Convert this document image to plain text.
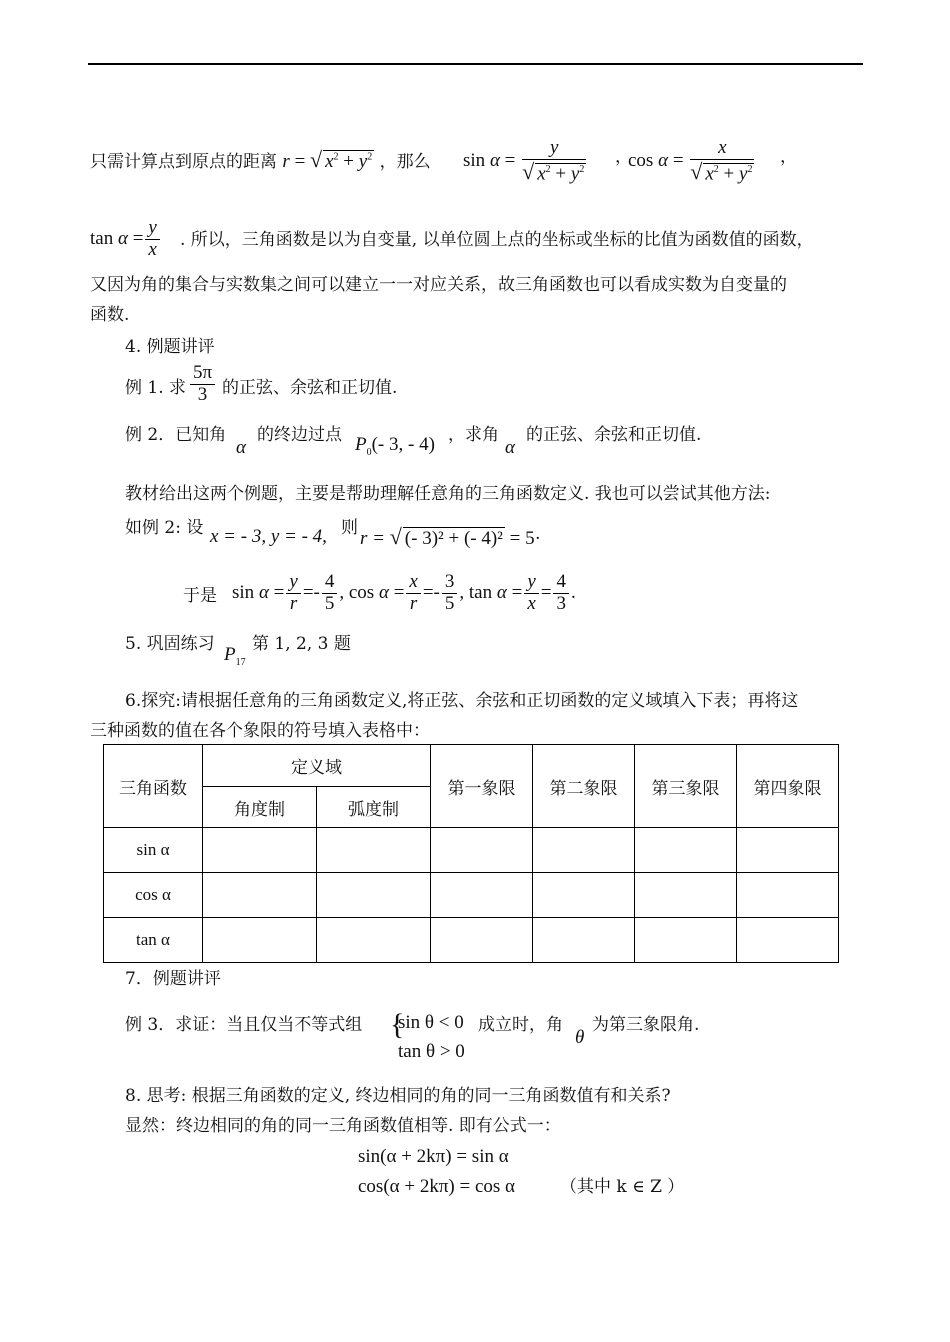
只需计算点到原点的距离 r = √ $x^2 + y^2$ ，那么 $\sin \alpha = \frac{y}{√ x^2 + y^2}$ ，
$\cos \alpha = \frac{x}{√ x^2 + y^2}$ ，
$\tan \alpha = \frac{y}{x}$ . 所以，三角函数是以为自变量, 以单位圆上点的坐标或坐标的比值为函数值的函数，
又因为角的集合与实数集之间可以建立一一对应关系，故三角函数也可以看成实数为自变量的
函数.
4. 例题讲评
例 1. 求 $\frac{5\pi}{3}$ 的正弦、余弦和正切值.
例 2．已知角
α
的终边过点 $P_0(-$ 3, - 4) ，求角
α
的正弦、余弦和正切值.
教材给出这两个例题，主要是帮助理解任意角的三角函数定义. 我也可以尝试其他方法:
如例 2: 设 x = - 3, y = - 4, 则 r = √ (- 3)² + (- 4)² = 5·
于是 $\sin \alpha = \frac{y}{r} =- \frac{4}{5}$ , $\cos \alpha = \frac{x}{r} =- \frac{3}{5}$ , $\tan \alpha = \frac{y}{x} = \frac{4}{3}$ .
5. 巩固练习 $P_{17}$
第 1, 2, 3 题
6.探究:请根据任意角的三角函数定义,将正弦、余弦和正切函数的定义域填入下表；再将这
三种函数的值在各个象限的符号填入表格中：
三角函数	定义域		第一象限	第二象限	第三象限	第四象限
	角度制	弧度制				
sin α						
cos α						
tan α						
7．例题讲评
例 3．求证：当且仅当不等式组 {
sin θ < 0
tan θ > 0
成立时，角
θ
为第三象限角.
8. 思考: 根据三角函数的定义, 终边相同的角的同一三角函数值有和关系?
显然：终边相同的角的同一三角函数值相等. 即有公式一：
sin(α + 2kπ) = sin α
cos(α + 2kπ) = cos α	（其中 k ∈ Z ）
